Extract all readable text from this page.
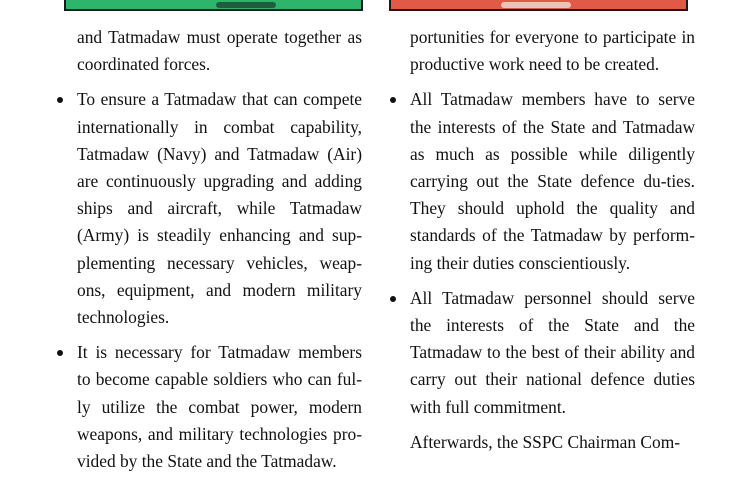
and Tatmadaw must operate together as coordinated forces.

To ensure a Tatmadaw that can compete internationally in combat capability, Tatmadaw (Navy) and Tatmadaw (Air) are continuously upgrading and adding ships and aircraft, while Tatmadaw (Army) is steadily enhancing and sup-plementing necessary vehicles, weap-ons, equipment, and modern military technologies.

It is necessary for Tatmadaw members to become capable soldiers who can ful-ly utilize the combat power, modern weapons, and military technologies pro-vided by the State and the Tatmadaw.

portunities for everyone to participate in productive work need to be created.

All Tatmadaw members have to serve the interests of the State and Tatmadaw as much as possible while diligently carrying out the State defence du-ties. They should uphold the quality and standards of the Tatmadaw by perform-ing their duties conscientiously.

All Tatmadaw personnel should serve the interests of the State and the Tatmadaw to the best of their ability and carry out their national defence duties with full commitment.

Afterwards, the SSPC Chairman Com-
